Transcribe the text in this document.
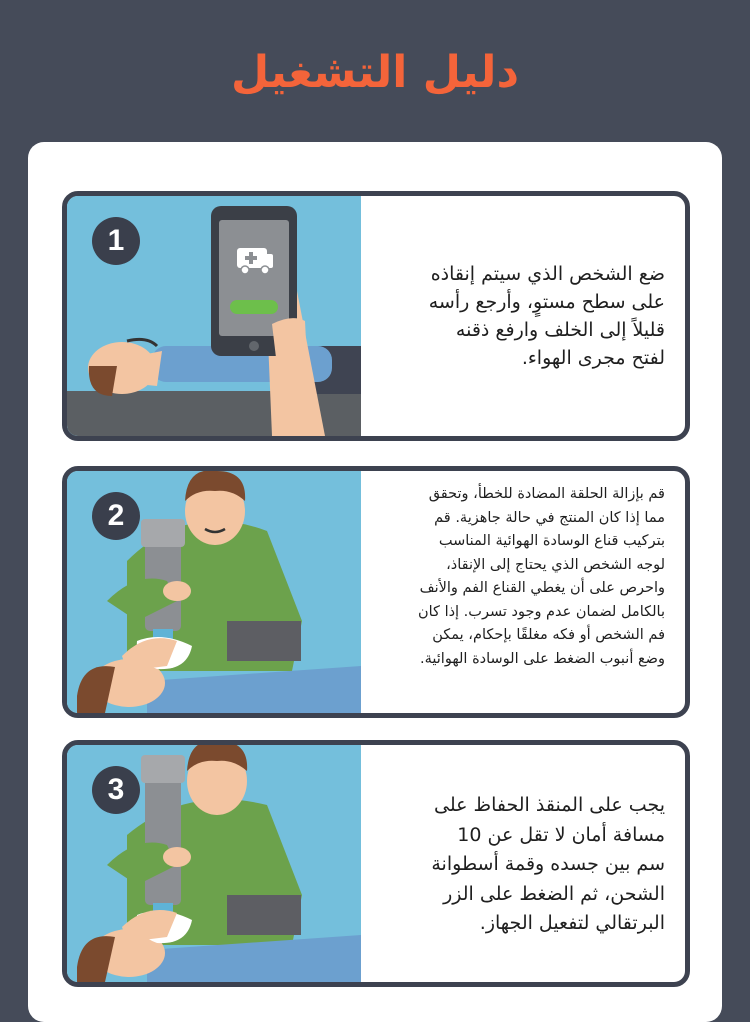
دليل التشغيل
1
ضع الشخص الذي سيتم إنقاذه على سطح مستوٍ، وأرجع رأسه قليلاً إلى الخلف وارفع ذقنه لفتح مجرى الهواء.
2
قم بإزالة الحلقة المضادة للخطأ، وتحقق مما إذا كان المنتج في حالة جاهزية. قم بتركيب قناع الوسادة الهوائية المناسب لوجه الشخص الذي يحتاج إلى الإنقاذ، واحرص على أن يغطي القناع الفم والأنف بالكامل لضمان عدم وجود تسرب. إذا كان فم الشخص أو فكه مغلقًا بإحكام، يمكن وضع أنبوب الضغط على الوسادة الهوائية.
3	يجب على المنقذ الحفاظ على مسافة أمان لا تقل عن 10 سم بين جسده وقمة أسطوانة الشحن، ثم الضغط على الزر البرتقالي لتفعيل الجهاز.
